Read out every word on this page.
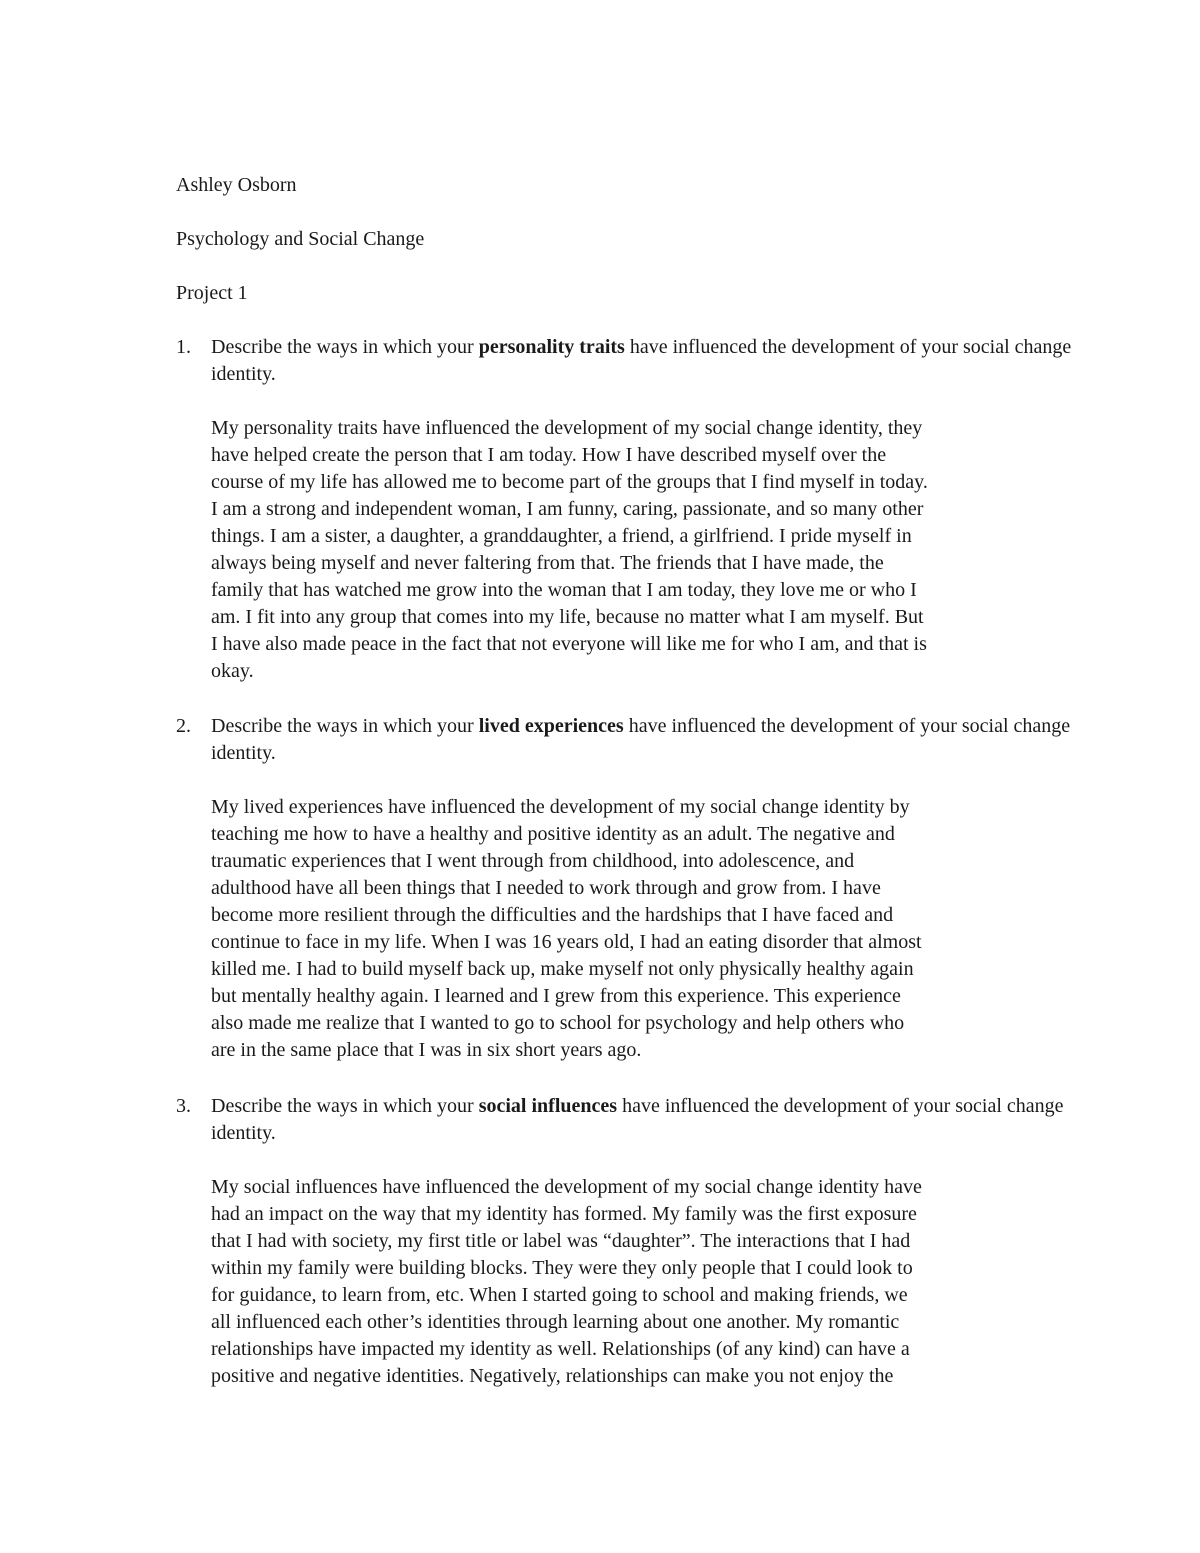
Ashley Osborn
Psychology and Social Change
Project 1
1. Describe the ways in which your personality traits have influenced the development of your social change identity.

My personality traits have influenced the development of my social change identity, they
have helped create the person that I am today. How I have described myself over the
course of my life has allowed me to become part of the groups that I find myself in today.
I am a strong and independent woman, I am funny, caring, passionate, and so many other
things. I am a sister, a daughter, a granddaughter, a friend, a girlfriend. I pride myself in
always being myself and never faltering from that. The friends that I have made, the
family that has watched me grow into the woman that I am today, they love me or who I
am. I fit into any group that comes into my life, because no matter what I am myself. But
I have also made peace in the fact that not everyone will like me for who I am, and that is
okay.
2. Describe the ways in which your lived experiences have influenced the development of your social change identity.

My lived experiences have influenced the development of my social change identity by
teaching me how to have a healthy and positive identity as an adult. The negative and
traumatic experiences that I went through from childhood, into adolescence, and
adulthood have all been things that I needed to work through and grow from. I have
become more resilient through the difficulties and the hardships that I have faced and
continue to face in my life. When I was 16 years old, I had an eating disorder that almost
killed me. I had to build myself back up, make myself not only physically healthy again
but mentally healthy again. I learned and I grew from this experience. This experience
also made me realize that I wanted to go to school for psychology and help others who
are in the same place that I was in six short years ago.
3. Describe the ways in which your social influences have influenced the development of your social change identity.

My social influences have influenced the development of my social change identity have
had an impact on the way that my identity has formed. My family was the first exposure
that I had with society, my first title or label was “daughter”. The interactions that I had
within my family were building blocks. They were they only people that I could look to
for guidance, to learn from, etc. When I started going to school and making friends, we
all influenced each other’s identities through learning about one another. My romantic
relationships have impacted my identity as well. Relationships (of any kind) can have a
positive and negative identities. Negatively, relationships can make you not enjoy the
